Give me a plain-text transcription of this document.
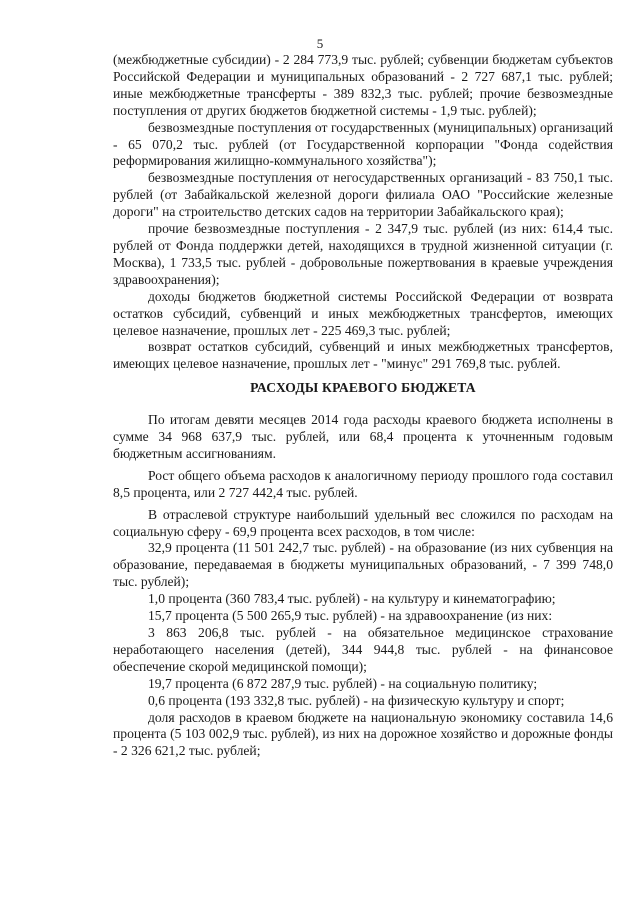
5

(межбюджетные субсидии) - 2 284 773,9 тыс. рублей; субвенции бюджетам субъектов Российской Федерации и муниципальных образований - 2 727 687,1 тыс. рублей; иные межбюджетные трансферты - 389 832,3 тыс. рублей; прочие безвозмездные поступления от других бюджетов бюджетной системы - 1,9 тыс. рублей);

безвозмездные поступления от государственных (муниципальных) организаций - 65 070,2 тыс. рублей (от Государственной корпорации "Фонда содействия реформирования жилищно-коммунального хозяйства");

безвозмездные поступления от негосударственных организаций - 83 750,1 тыс. рублей (от Забайкальской железной дороги филиала ОАО "Российские железные дороги" на строительство детских садов на территории Забайкальского края);

прочие безвозмездные поступления - 2 347,9 тыс. рублей (из них: 614,4 тыс. рублей от Фонда поддержки детей, находящихся в трудной жизненной ситуации (г. Москва), 1 733,5 тыс. рублей - добровольные пожертвования в краевые учреждения здравоохранения);

доходы бюджетов бюджетной системы Российской Федерации от возврата остатков субсидий, субвенций и иных межбюджетных трансфертов, имеющих целевое назначение, прошлых лет - 225 469,3 тыс. рублей;

возврат остатков субсидий, субвенций и иных межбюджетных трансфертов, имеющих целевое назначение, прошлых лет - "минус" 291 769,8 тыс. рублей.

РАСХОДЫ КРАЕВОГО БЮДЖЕТА

По итогам девяти месяцев 2014 года расходы краевого бюджета исполнены в сумме 34 968 637,9 тыс. рублей, или 68,4 процента к уточненным годовым бюджетным ассигнованиям.

Рост общего объема расходов к аналогичному периоду прошлого года составил 8,5 процента, или 2 727 442,4 тыс. рублей.

В отраслевой структуре наибольший удельный вес сложился по расходам на социальную сферу - 69,9 процента всех расходов, в том числе:

32,9 процента (11 501 242,7 тыс. рублей) - на образование (из них субвенция на образование, передаваемая в бюджеты муниципальных образований, - 7 399 748,0 тыс. рублей);

1,0 процента (360 783,4 тыс. рублей) - на культуру и кинематографию;

15,7 процента (5 500 265,9 тыс. рублей) - на здравоохранение (из них:

3 863 206,8 тыс. рублей - на обязательное медицинское страхование неработающего населения (детей), 344 944,8 тыс. рублей - на финансовое обеспечение скорой медицинской помощи);

19,7 процента (6 872 287,9 тыс. рублей) - на социальную политику;

0,6 процента (193 332,8 тыс. рублей) - на физическую культуру и спорт;

доля расходов в краевом бюджете на национальную экономику составила 14,6 процента (5 103 002,9 тыс. рублей), из них на дорожное хозяйство и дорожные фонды - 2 326 621,2 тыс. рублей;
